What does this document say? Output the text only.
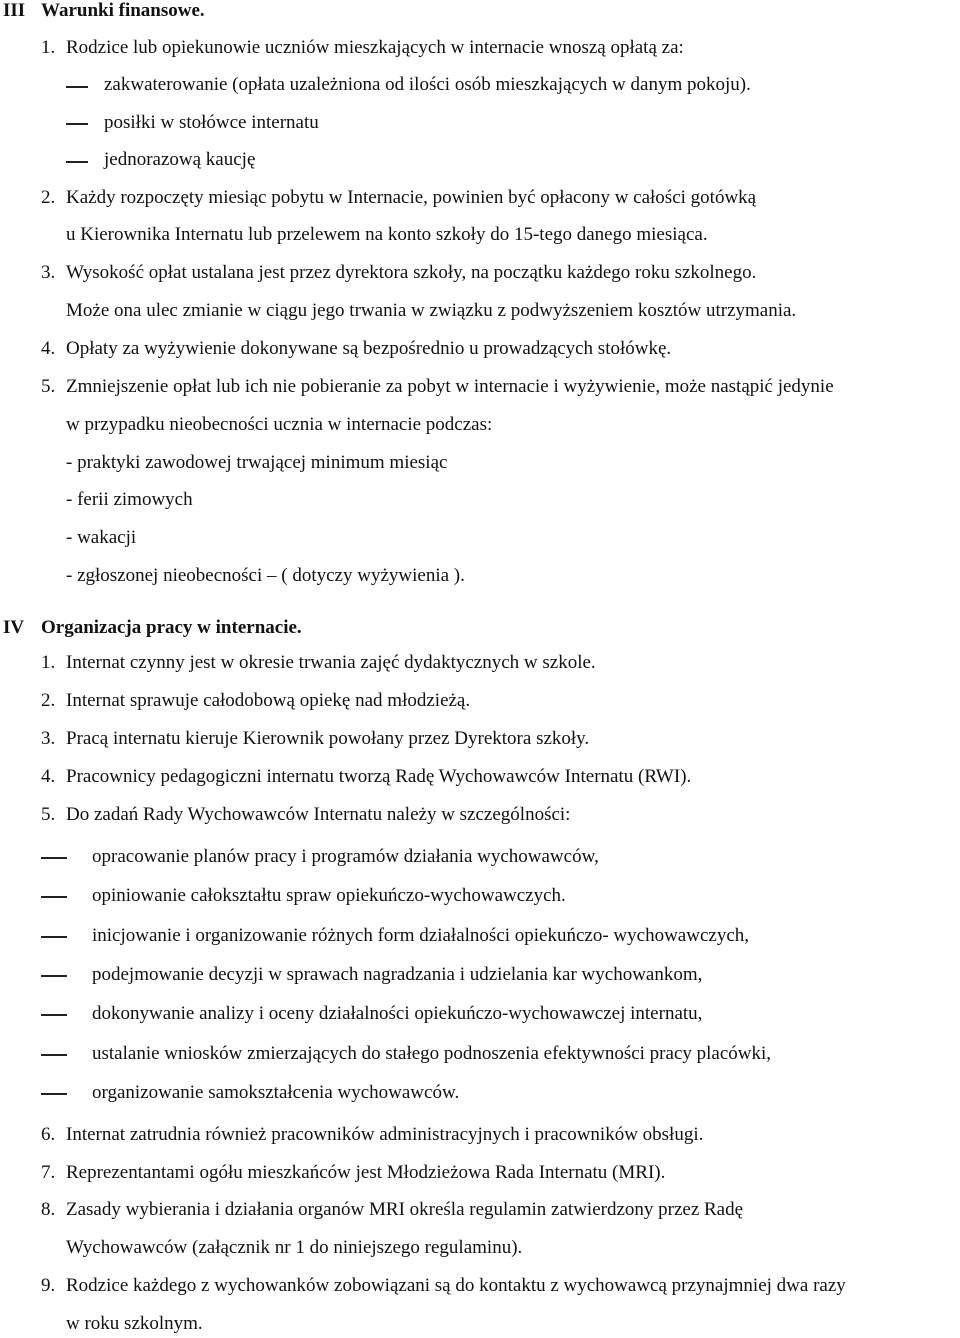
III Warunki finansowe.
1. Rodzice lub opiekunowie uczniów mieszkających w internacie wnoszą opłatą za:
zakwaterowanie (opłata uzależniona od ilości osób mieszkających w danym pokoju).
posiłki w stołówce internatu
jednorazową kaucję
2. Każdy rozpoczęty miesiąc pobytu w Internacie, powinien być opłacony w całości gotówką
u Kierownika Internatu lub przelewem na konto szkoły do 15-tego danego miesiąca.
3. Wysokość opłat ustalana jest przez dyrektora szkoły, na początku każdego roku szkolnego.
Może ona ulec zmianie w ciągu jego trwania w związku z podwyższeniem kosztów utrzymania.
4. Opłaty za wyżywienie dokonywane są bezpośrednio u prowadzących stołówkę.
5. Zmniejszenie opłat lub ich nie pobieranie za pobyt w internacie i wyżywienie, może nastąpić jedynie
w przypadku nieobecności ucznia w internacie podczas:
- praktyki zawodowej trwającej minimum miesiąc
- ferii zimowych
- wakacji
- zgłoszonej nieobecności – ( dotyczy wyżywienia ).
IV Organizacja pracy w internacie.
1. Internat czynny jest w okresie trwania zajęć dydaktycznych w szkole.
2. Internat sprawuje całodobową opiekę nad młodzieżą.
3. Pracą internatu kieruje Kierownik powołany przez Dyrektora szkoły.
4. Pracownicy pedagogiczni internatu tworzą Radę Wychowawców Internatu (RWI).
5. Do zadań Rady Wychowawców Internatu należy w szczególności:
opracowanie planów pracy i programów działania wychowawców,
opiniowanie całokształtu spraw opiekuńczo-wychowawczych.
inicjowanie i organizowanie różnych form działalności opiekuńczo- wychowawczych,
podejmowanie decyzji w sprawach nagradzania i udzielania kar wychowankom,
dokonywanie analizy i oceny działalności opiekuńczo-wychowawczej internatu,
ustalanie wniosków zmierzających do stałego podnoszenia efektywności pracy placówki,
organizowanie samokształcenia wychowawców.
6. Internat zatrudnia również pracowników administracyjnych i pracowników obsługi.
7. Reprezentantami ogółu mieszkańców jest Młodzieżowa Rada Internatu (MRI).
8. Zasady wybierania i działania organów MRI określa regulamin zatwierdzony przez Radę
Wychowawców (załącznik nr 1 do niniejszego regulaminu).
9. Rodzice każdego z wychowanków zobowiązani są do kontaktu z wychowawcą przynajmniej dwa razy
w roku szkolnym.
